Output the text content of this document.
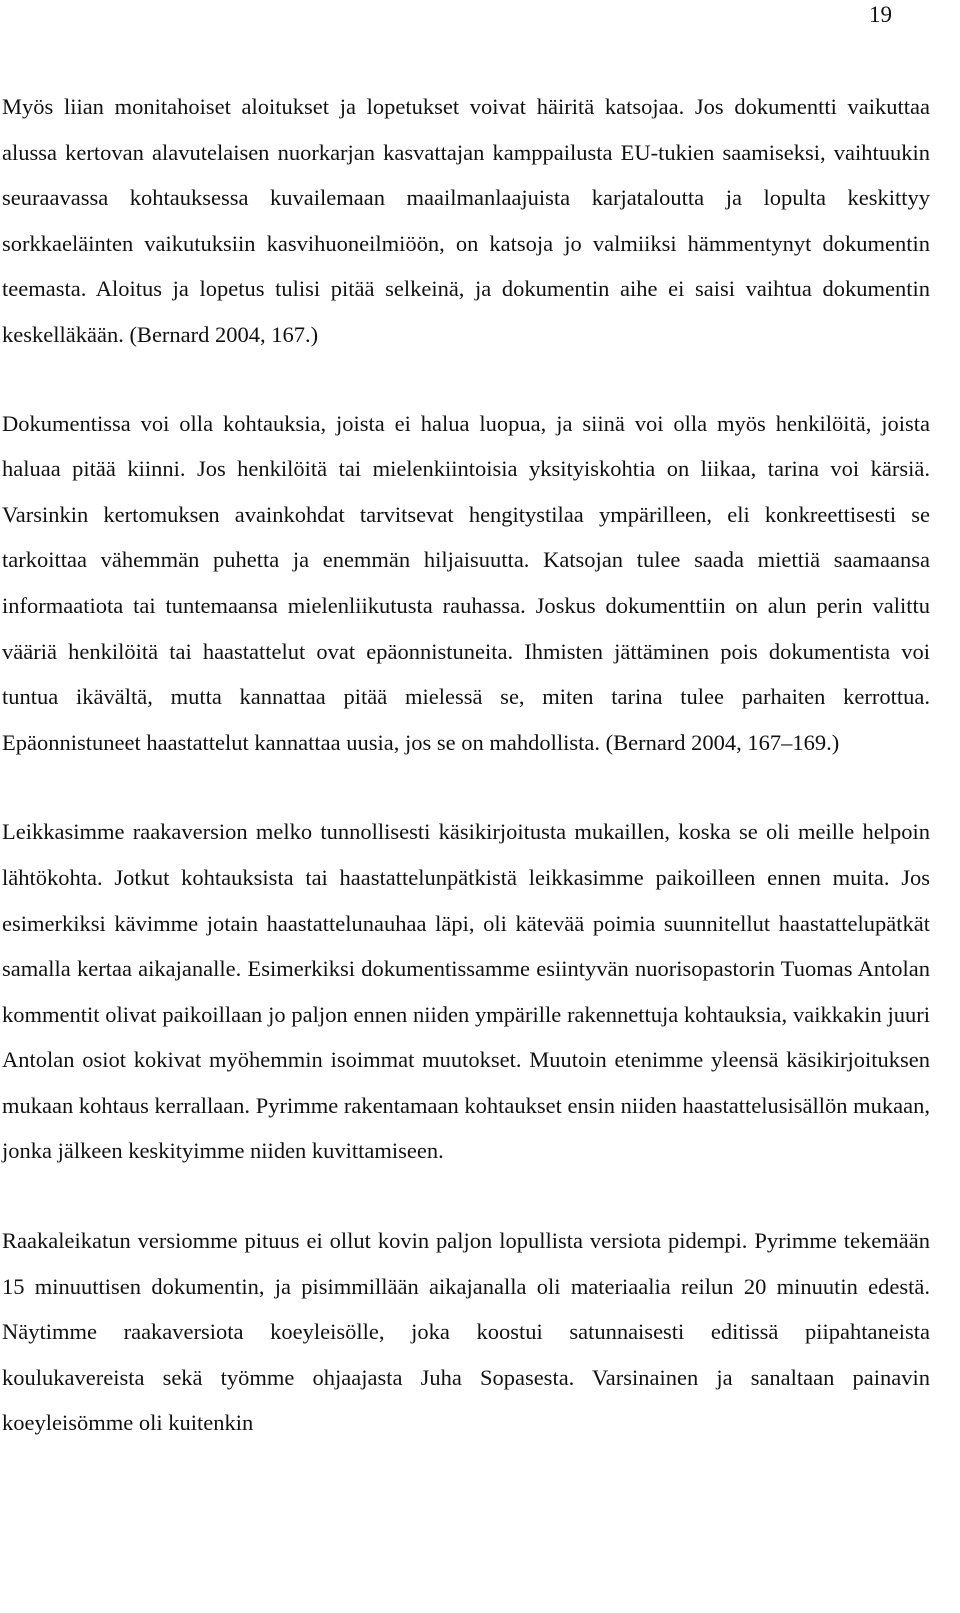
19

Myös liian monitahoiset aloitukset ja lopetukset voivat häiritä katsojaa. Jos dokumentti vaikuttaa alussa kertovan alavutelaisen nuorkarjan kasvattajan kamppailusta EU-tukien saamiseksi, vaihtuukin seuraavassa kohtauksessa kuvailemaan maailmanlaajuista karjataloutta ja lopulta keskittyy sorkkaeläinten vaikutuksiin kasvihuoneilmiöön, on katsoja jo valmiiksi hämmentynyt dokumentin teemasta. Aloitus ja lopetus tulisi pitää selkeinä, ja dokumentin aihe ei saisi vaihtua dokumentin keskelläkään. (Bernard 2004, 167.)

Dokumentissa voi olla kohtauksia, joista ei halua luopua, ja siinä voi olla myös henkilöitä, joista haluaa pitää kiinni. Jos henkilöitä tai mielenkiintoisia yksityiskohtia on liikaa, tarina voi kärsiä. Varsinkin kertomuksen avainkohdat tarvitsevat hengitystilaa ympärilleen, eli konkreettisesti se tarkoittaa vähemmän puhetta ja enemmän hiljaisuutta. Katsojan tulee saada miettiä saamaansa informaatiota tai tuntemaansa mielenliikutusta rauhassa. Joskus dokumenttiin on alun perin valittu vääriä henkilöitä tai haastattelut ovat epäonnistuneita. Ihmisten jättäminen pois dokumentista voi tuntua ikävältä, mutta kannattaa pitää mielessä se, miten tarina tulee parhaiten kerrottua. Epäonnistuneet haastattelut kannattaa uusia, jos se on mahdollista. (Bernard 2004, 167–169.)

Leikkasimme raakaversion melko tunnollisesti käsikirjoitusta mukaillen, koska se oli meille helpoin lähtökohta. Jotkut kohtauksista tai haastattelunpätkistä leikkasimme paikoilleen ennen muita. Jos esimerkiksi kävimme jotain haastattelunauhaa läpi, oli kätevää poimia suunnitellut haastattelupätkät samalla kertaa aikajanalle. Esimerkiksi dokumentissamme esiintyvän nuorisopastorin Tuomas Antolan kommentit olivat paikoillaan jo paljon ennen niiden ympärille rakennettuja kohtauksia, vaikkakin juuri Antolan osiot kokivat myöhemmin isoimmat muutokset. Muutoin etenimme yleensä käsikirjoituksen mukaan kohtaus kerrallaan. Pyrimme rakentamaan kohtaukset ensin niiden haastattelusisällön mukaan, jonka jälkeen keskityimme niiden kuvittamiseen.

Raakaleikatun versiomme pituus ei ollut kovin paljon lopullista versiota pidempi. Pyrimme tekemään 15 minuuttisen dokumentin, ja pisimmillään aikajanalla oli materiaalia reilun 20 minuutin edestä. Näytimme raakaversiota koeyleisölle, joka koostui satunnaisesti editissä piipahtaneista koulukavereista sekä työmme ohjaajasta Juha Sopasesta. Varsinainen ja sanaltaan painavin koeyleisömme oli kuitenkin
